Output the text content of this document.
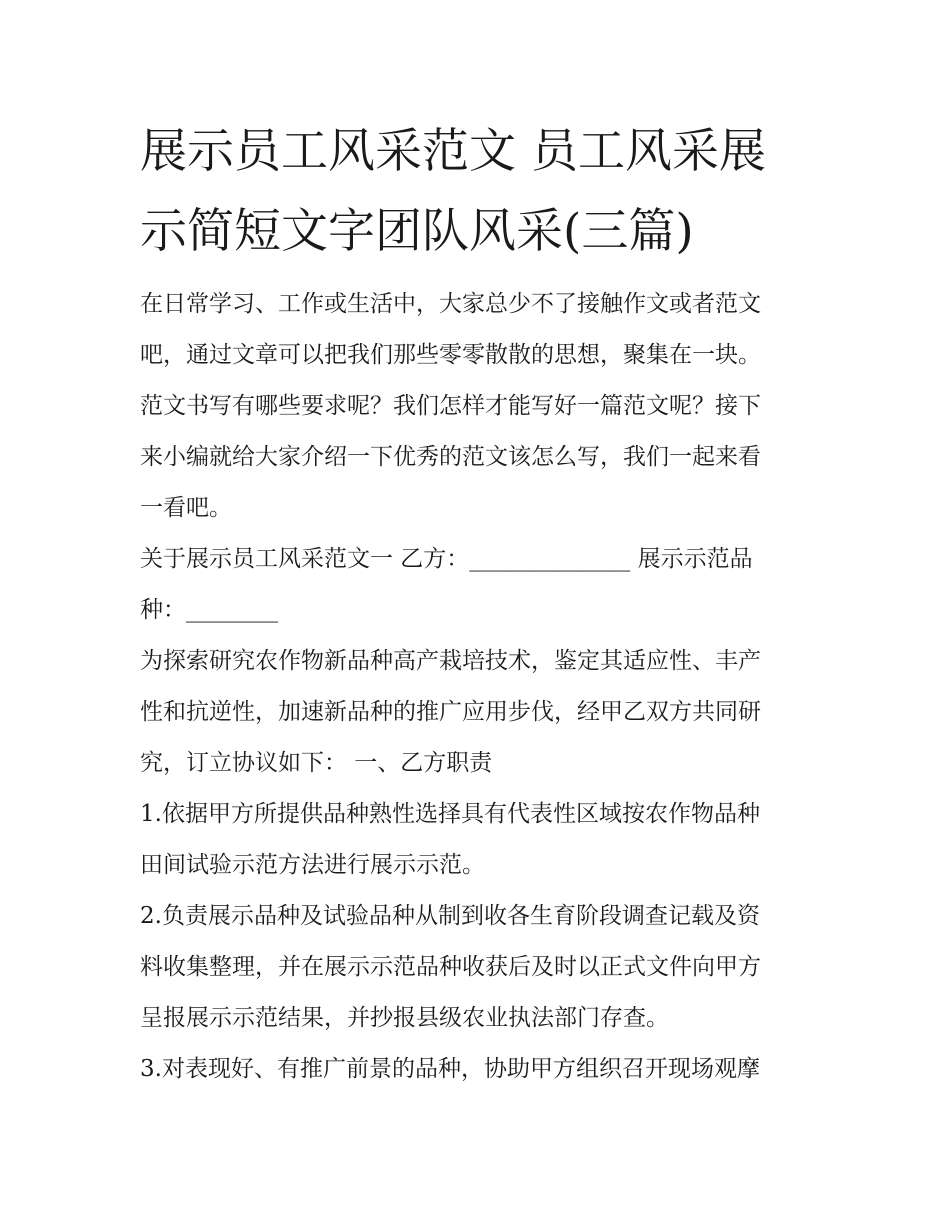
展示员工风采范文 员工风采展
示简短文字团队风采(三篇)

在日常学习、工作或生活中，大家总少不了接触作文或者范文
吧，通过文章可以把我们那些零零散散的思想，聚集在一块。
范文书写有哪些要求呢？我们怎样才能写好一篇范文呢？接下
来小编就给大家介绍一下优秀的范文该怎么写，我们一起来看
一看吧。

关于展示员工风采范文一 乙方：______________ 展示示范品
种：________

为探索研究农作物新品种高产栽培技术，鉴定其适应性、丰产
性和抗逆性，加速新品种的推广应用步伐，经甲乙双方共同研
究，订立协议如下： 一、乙方职责

1.依据甲方所提供品种熟性选择具有代表性区域按农作物品种
田间试验示范方法进行展示示范。

2.负责展示品种及试验品种从制到收各生育阶段调查记载及资
料收集整理，并在展示示范品种收获后及时以正式文件向甲方
呈报展示示范结果，并抄报县级农业执法部门存查。

3.对表现好、有推广前景的品种，协助甲方组织召开现场观摩
